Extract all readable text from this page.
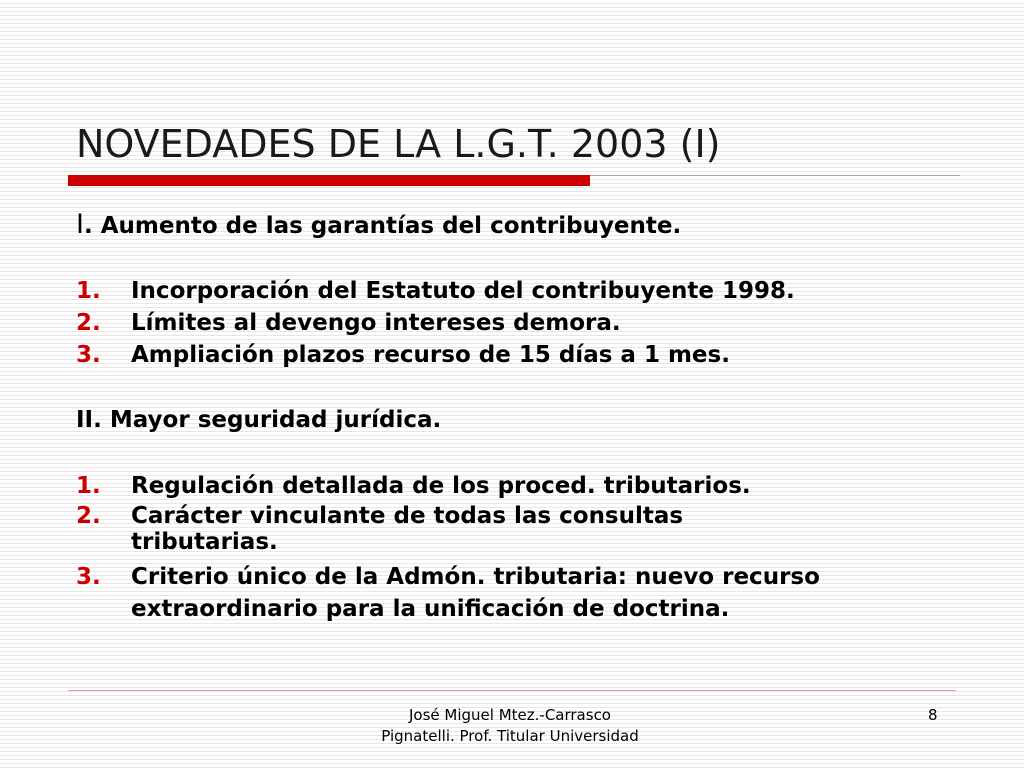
NOVEDADES DE LA L.G.T. 2003 (I)
I. Aumento de las garantías del contribuyente.
1. Incorporación del Estatuto del contribuyente 1998.
2. Límites al devengo intereses demora.
3. Ampliación plazos recurso de 15 días a 1 mes.
II. Mayor seguridad jurídica.
1. Regulación detallada de los proced. tributarios.
2. Carácter vinculante de todas las consultas tributarias.
3. Criterio único de la Admón. tributaria: nuevo recurso extraordinario para la unificación de doctrina.
José Miguel Mtez.-Carrasco
Pignatelli. Prof. Titular Universidad
8
